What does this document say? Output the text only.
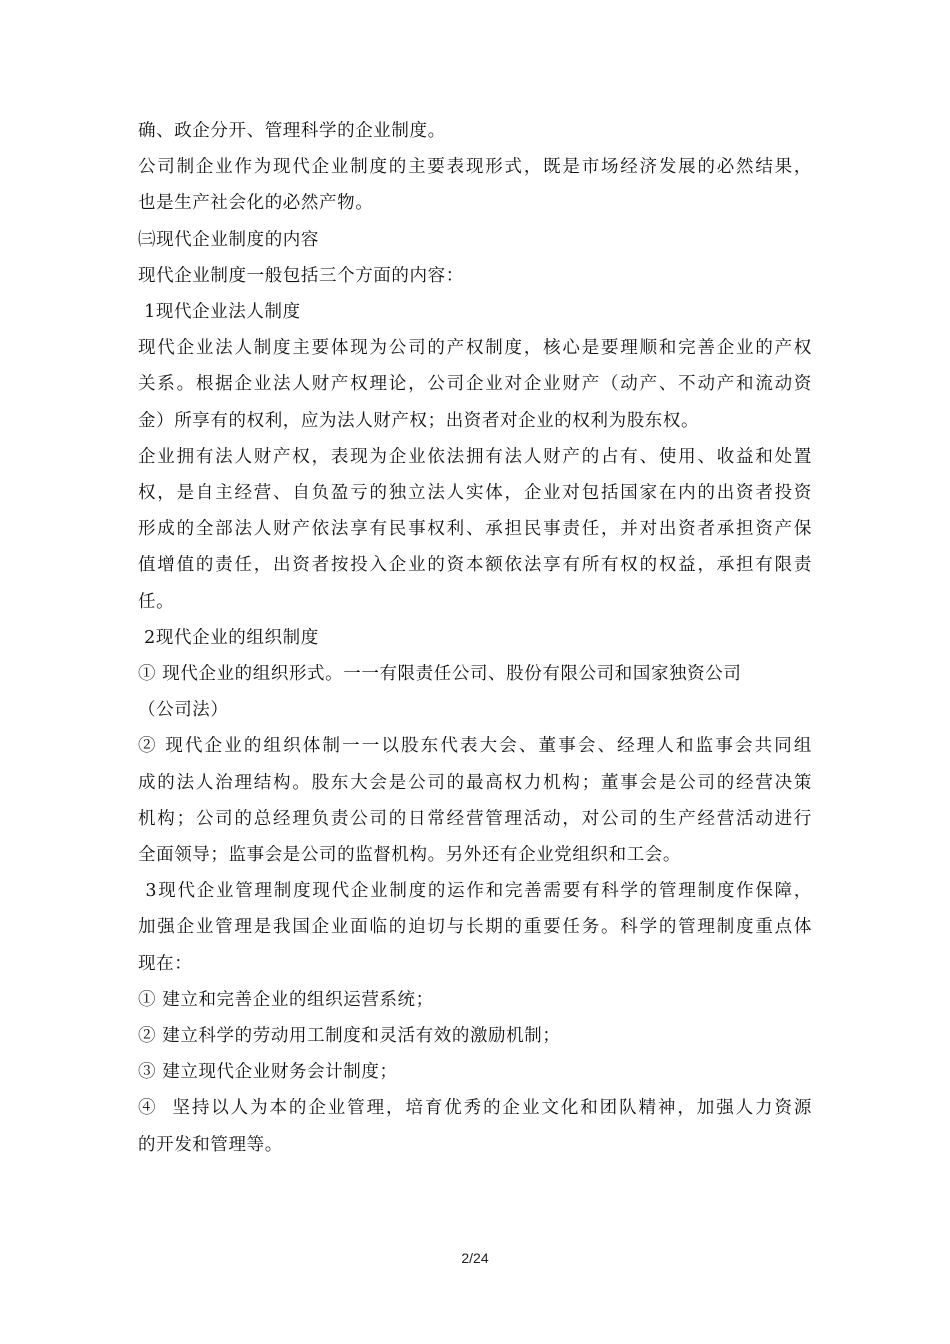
确、政企分开、管理科学的企业制度。

公司制企业作为现代企业制度的主要表现形式，既是市场经济发展的必然结果，
也是生产社会化的必然产物。

㈢现代企业制度的内容

现代企业制度一般包括三个方面的内容：

1现代企业法人制度

现代企业法人制度主要体现为公司的产权制度，核心是要理顺和完善企业的产权
关系。根据企业法人财产权理论，公司企业对企业财产（动产、不动产和流动资
金）所享有的权利，应为法人财产权；出资者对企业的权利为股东权。

企业拥有法人财产权，表现为企业依法拥有法人财产的占有、使用、收益和处置
权，是自主经营、自负盈亏的独立法人实体，企业对包括国家在内的出资者投资
形成的全部法人财产依法享有民事权利、承担民事责任，并对出资者承担资产保
值增值的责任，出资者按投入企业的资本额依法享有所有权的权益，承担有限责
任。

2现代企业的组织制度

① 现代企业的组织形式。一一有限责任公司、股份有限公司和国家独资公司
（公司法）

② 现代企业的组织体制一一以股东代表大会、董事会、经理人和监事会共同组
成的法人治理结构。股东大会是公司的最高权力机构；董事会是公司的经营决策
机构；公司的总经理负责公司的日常经营管理活动，对公司的生产经营活动进行
全面领导；监事会是公司的监督机构。另外还有企业党组织和工会。

3现代企业管理制度现代企业制度的运作和完善需要有科学的管理制度作保障，
加强企业管理是我国企业面临的迫切与长期的重要任务。科学的管理制度重点体
现在：

① 建立和完善企业的组织运营系统；

② 建立科学的劳动用工制度和灵活有效的激励机制；

③ 建立现代企业财务会计制度；

④  坚持以人为本的企业管理，培育优秀的企业文化和团队精神，加强人力资源
的开发和管理等。

2/24
